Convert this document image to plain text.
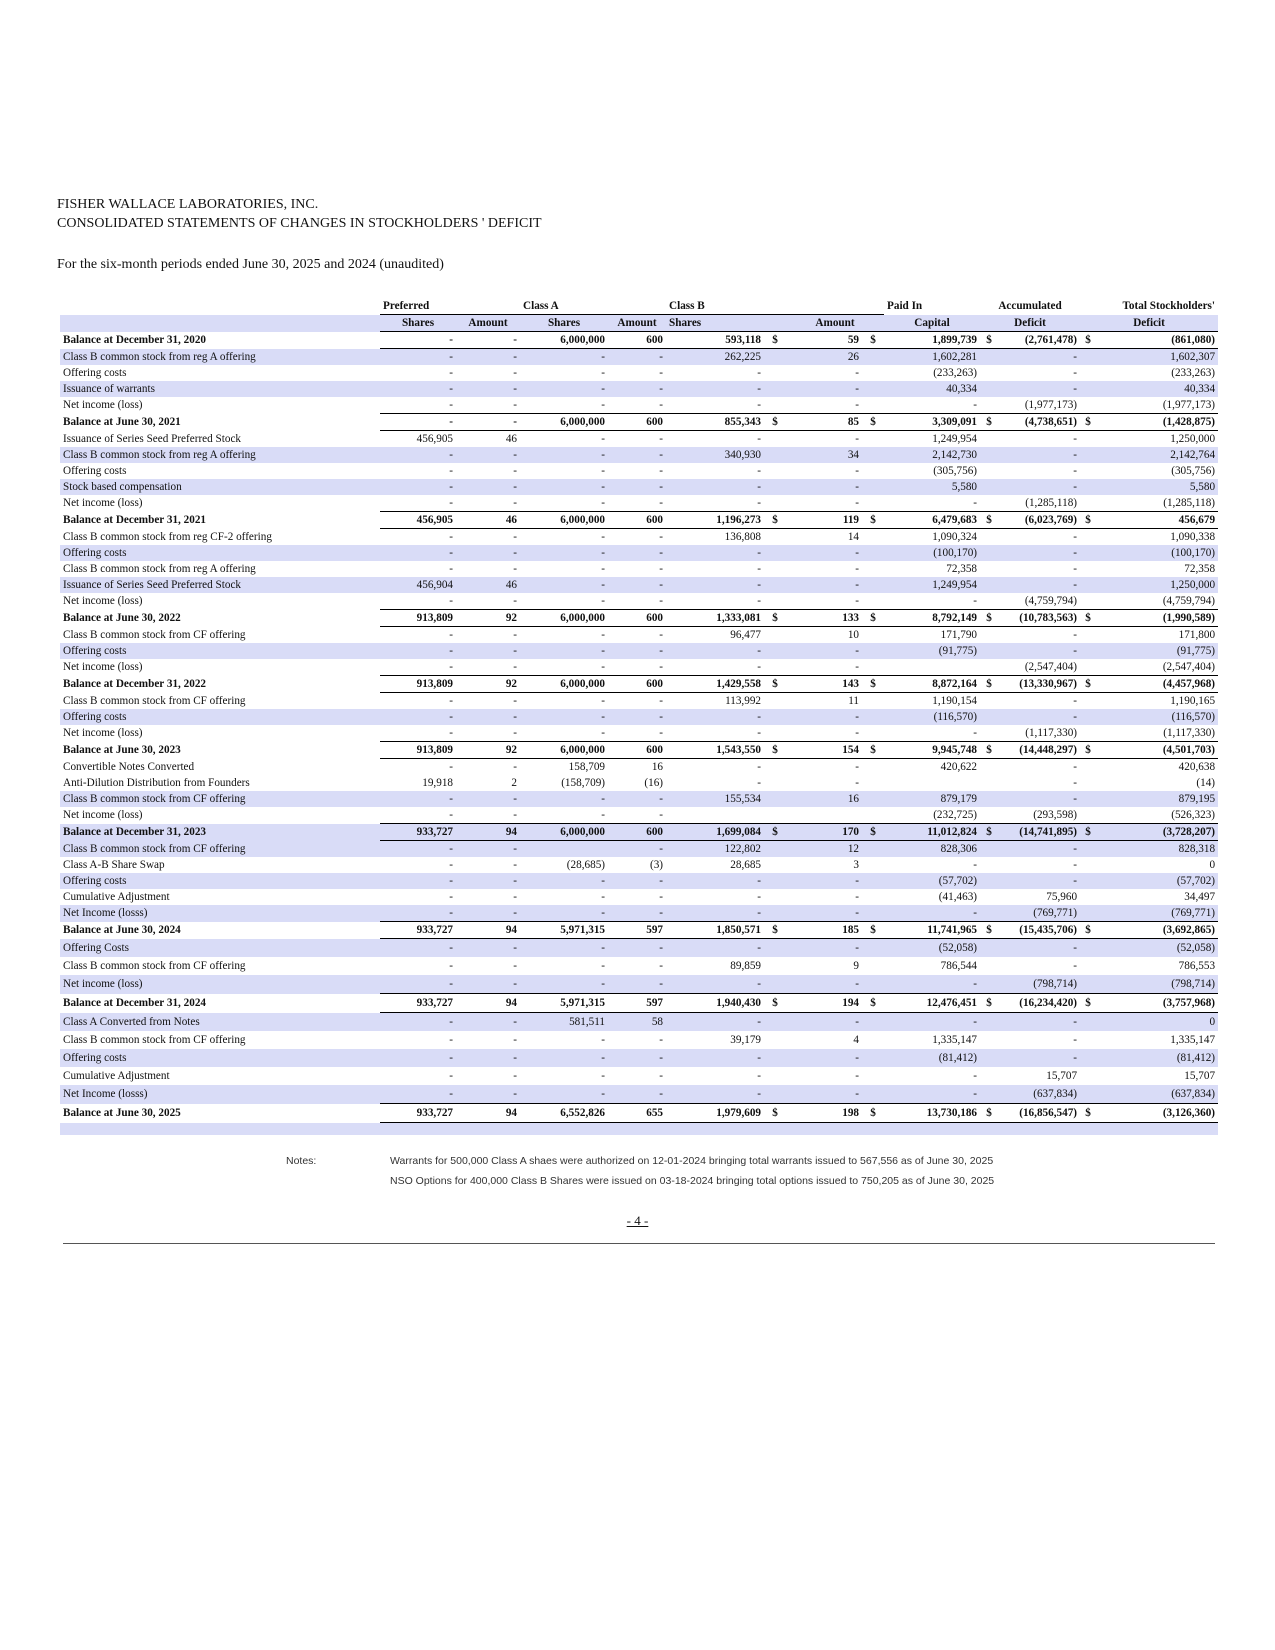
FISHER WALLACE LABORATORIES, INC.
CONSOLIDATED STATEMENTS OF CHANGES IN STOCKHOLDERS ' DEFICIT
For the six-month periods ended June 30, 2025 and 2024 (unaudited)
	Preferred		Class A		Class B				Paid In	Accumulated		Total Stockholders'	
	Shares	Amount	Shares	Amount	Shares		Amount		Capital	Deficit		Deficit	
Balance at December 31, 2020	-	-	6,000,000	600	593,118	$	59	$	1,899,739	$	(2,761,478)	$	(861,080)
Class B common stock from reg A offering	-	-	-	-	262,225		26		1,602,281		-		1,602,307
Offering costs	-	-	-	-	-		-		(233,263)		-		(233,263)
Issuance of warrants	-	-	-	-	-		-		40,334		-		40,334
Net income (loss)	-	-	-	-	-		-		-		(1,977,173)		(1,977,173)
Balance at June 30, 2021	-	-	6,000,000	600	855,343	$	85	$	3,309,091	$	(4,738,651)	$	(1,428,875)
Issuance of Series Seed Preferred Stock	456,905	46	-	-	-		-		1,249,954		-		1,250,000
Class B common stock from reg A offering	-	-	-	-	340,930		34		2,142,730		-		2,142,764
Offering costs	-	-	-	-	-		-		(305,756)		-		(305,756)
Stock based compensation	-	-	-	-	-		-		5,580		-		5,580
Net income (loss)	-	-	-	-	-		-		-		(1,285,118)		(1,285,118)
Balance at December 31, 2021	456,905	46	6,000,000	600	1,196,273	$	119	$	6,479,683	$	(6,023,769)	$	456,679
Class B common stock from reg CF-2 offering	-	-	-	-	136,808		14		1,090,324		-		1,090,338
Offering costs	-	-	-	-	-		-		(100,170)		-		(100,170)
Class B common stock from reg A offering	-	-	-	-	-		-		72,358		-		72,358
Issuance of Series Seed Preferred Stock	456,904	46	-	-	-		-		1,249,954		-		1,250,000
Net income (loss)	-	-	-	-	-		-		-		(4,759,794)		(4,759,794)
Balance at June 30, 2022	913,809	92	6,000,000	600	1,333,081	$	133	$	8,792,149	$	(10,783,563)	$	(1,990,589)
Class B common stock from CF offering	-	-	-	-	96,477		10		171,790		-		171,800
Offering costs	-	-	-	-	-		-		(91,775)		-		(91,775)
Net income (loss)	-	-	-	-	-		-				(2,547,404)		(2,547,404)
Balance at December 31, 2022	913,809	92	6,000,000	600	1,429,558	$	143	$	8,872,164	$	(13,330,967)	$	(4,457,968)
Class B common stock from CF offering	-	-	-	-	113,992		11		1,190,154		-		1,190,165
Offering costs	-	-	-	-	-		-		(116,570)		-		(116,570)
Net income (loss)	-	-	-	-	-		-		-		(1,117,330)		(1,117,330)
Balance at June 30, 2023	913,809	92	6,000,000	600	1,543,550	$	154	$	9,945,748	$	(14,448,297)	$	(4,501,703)
Convertible Notes Converted	-	-	158,709	16	-		-		420,622		-		420,638
Anti-Dilution Distribution from Founders	19,918	2	(158,709)	(16)	-		-				-		(14)
Class B common stock from CF offering	-	-	-	-	155,534		16		879,179		-		879,195
Net income (loss)	-	-	-	-					(232,725)		(293,598)		(526,323)
Balance at December 31, 2023	933,727	94	6,000,000	600	1,699,084	$	170	$	11,012,824	$	(14,741,895)	$	(3,728,207)
Class B common stock from CF offering	-	-		-	122,802		12		828,306		-		828,318
Class A-B Share Swap	-	-	(28,685)	(3)	28,685		3		-		-		0
Offering costs	-	-	-	-	-		-		(57,702)		-		(57,702)
Cumulative Adjustment	-	-	-	-	-		-		(41,463)		75,960		34,497
Net Income (losss)	-	-	-	-	-		-		-		(769,771)		(769,771)
Balance at June 30, 2024	933,727	94	5,971,315	597	1,850,571	$	185	$	11,741,965	$	(15,435,706)	$	(3,692,865)
Offering Costs	-	-	-	-	-		-		(52,058)		-		(52,058)
Class B common stock from CF offering	-	-	-	-	89,859		9		786,544		-		786,553
Net income (loss)	-	-	-	-	-		-		-		(798,714)		(798,714)
Balance at December 31, 2024	933,727	94	5,971,315	597	1,940,430	$	194	$	12,476,451	$	(16,234,420)	$	(3,757,968)
Class A Converted from Notes	-	-	581,511	58	-		-		-		-		0
Class B common stock from CF offering	-	-	-	-	39,179		4		1,335,147		-		1,335,147
Offering costs	-	-	-	-	-		-		(81,412)		-		(81,412)
Cumulative Adjustment	-	-	-	-	-		-		-		15,707		15,707
Net Income (losss)	-	-	-	-	-		-		-		(637,834)		(637,834)
Balance at June 30, 2025	933,727	94	6,552,826	655	1,979,609	$	198	$	13,730,186	$	(16,856,547)	$	(3,126,360)

Notes:	Warrants for 500,000 Class A shaes were authorized on 12-01-2024 bringing total warrants issued to 567,556 as of June 30, 2025
NSO Options for 400,000 Class B Shares were issued on 03-18-2024 bringing total options issued to 750,205 as of June 30, 2025
- 4 -
